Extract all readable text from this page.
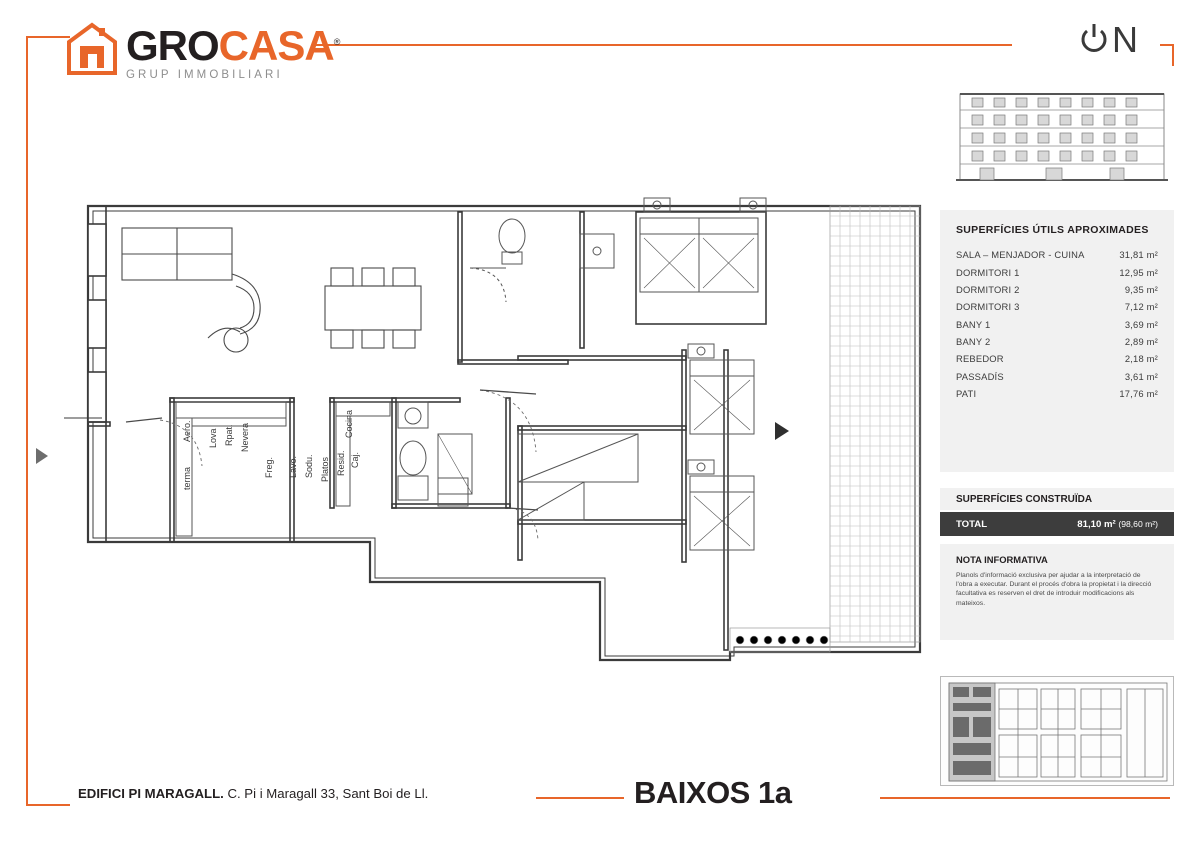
GROCASA®
GRUP IMMOBILIARI
N
SUPERFÍCIES ÚTILS APROXIMADES
SALA – MENJADOR - CUINA	31,81 m²
DORMITORI 1	12,95 m²
DORMITORI 2	9,35 m²
DORMITORI 3	7,12 m²
BANY 1	3,69 m²
BANY 2	2,89 m²
REBEDOR	2,18 m²
PASSADÍS	3,61 m²
PATI	17,76 m²
SUPERFÍCIES CONSTRUÏDA
TOTAL	81,10 m² (98,60 m²)
NOTA INFORMATIVA

Planols d'informació exclusiva per ajudar a la interpretació de l'obra a executar. Durant el procés d'obra la propietat i la direcció facultativa es reserven el dret de introduir modificacions als mateixos.

Aero.
terma
Lova Rpat. Nevera
Freg. Lavo. Sodu. Platos Resid. Caj.
Cocina
EDIFICI PI MARAGALL. C. Pi i Maragall 33, Sant Boi de Ll.	BAIXOS 1a
